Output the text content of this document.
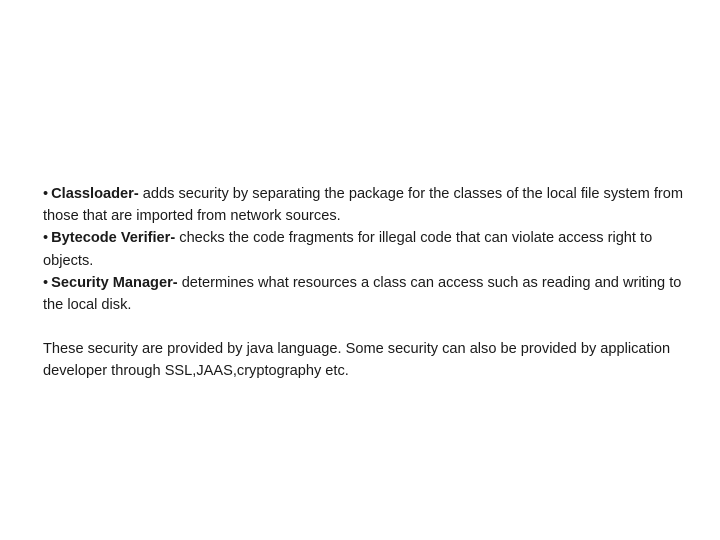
• Classloader- adds security by separating the package for the classes of the local file system from those that are imported from network sources.
• Bytecode Verifier- checks the code fragments for illegal code that can violate access right to objects.
• Security Manager- determines what resources a class can access such as reading and writing to the local disk.

These security are provided by java language. Some security can also be provided by application developer through SSL,JAAS,cryptography etc.
